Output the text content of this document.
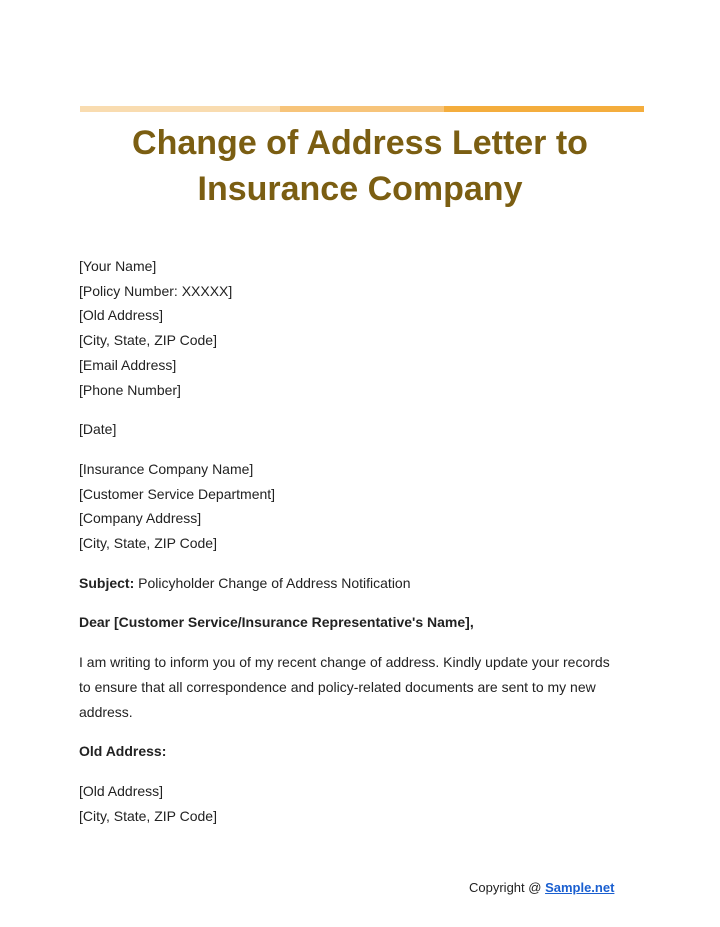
Change of Address Letter to
Insurance Company
[Your Name]
[Policy Number: XXXXX]
[Old Address]
[City, State, ZIP Code]
[Email Address]
[Phone Number]
[Date]
[Insurance Company Name]
[Customer Service Department]
[Company Address]
[City, State, ZIP Code]
Subject: Policyholder Change of Address Notification
Dear [Customer Service/Insurance Representative's Name],
I am writing to inform you of my recent change of address. Kindly update your records
to ensure that all correspondence and policy-related documents are sent to my new
address.
Old Address:
[Old Address]
[City, State, ZIP Code]
Copyright @ Sample.net
